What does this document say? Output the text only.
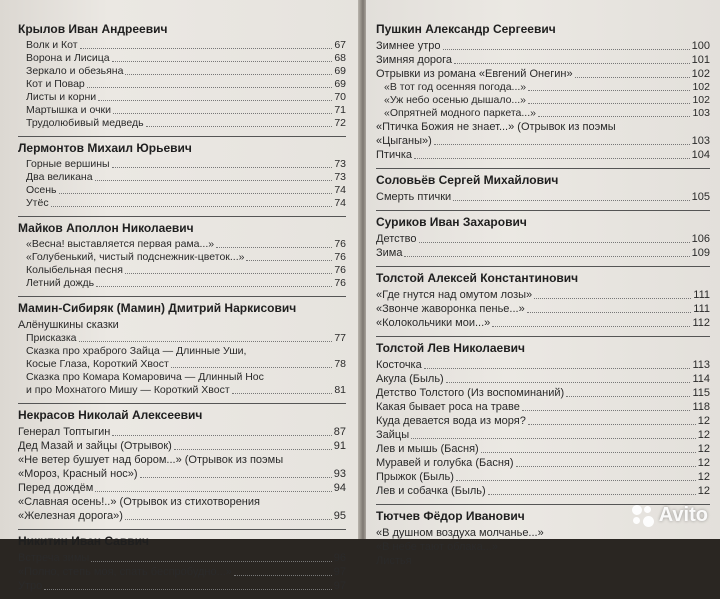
Крылов Иван Андреевич
Волк и Кот	67
Ворона и Лисица	68
Зеркало и обезьяна	69
Кот и Повар	69
Листы и корни	70
Мартышка и очки	71
Трудолюбивый медведь	72
Лермонтов Михаил Юрьевич
Горные вершины	73
Два великана	73
Осень	74
Утёс	74
Майков Аполлон Николаевич
«Весна! выставляется первая рама...»	76
«Голубенький, чистый подснежник-цветок...»	76
Колыбельная песня	76
Летний дождь	76
Мамин-Сибиряк (Мамин) Дмитрий Наркисович
Алёнушкины сказки
Присказка	77
Сказка про храброго Зайца — Длинные Уши,
Косые Глаза, Короткий Хвост	78
Сказка про Комара Комаровича — Длинный Нос
и про Мохнатого Мишу — Короткий Хвост	81
Некрасов Николай Алексеевич
Генерал Топтыгин	87
Дед Мазай и зайцы (Отрывок)	91
«Не ветер бушует над бором...» (Отрывок из поэмы
«Мороз, Красный нос»)	93
Перед дождём	94
«Славная осень!..» (Отрывок из стихотворения
«Железная дорога»)	95
Никитин Иван Саввич
Встреча зимы	96
«Полно, степь моя, спать беспробудно...»	97
Утро	97
Пушкин Александр Сергеевич
Зимнее утро	100
Зимняя дорога	101
Отрывки из романа «Евгений Онегин»	102
«В тот год осенняя погода...»	102
«Уж небо осенью дышало...»	102
«Опрятней модного паркета...»	103
«Птичка Божия не знает...» (Отрывок из поэмы
«Цыганы»)	103
Птичка	104
Соловьёв Сергей Михайлович
Смерть птички	105
Суриков Иван Захарович
Детство	106
Зима	109
Толстой Алексей Константинович
«Где гнутся над омутом лозы»	111
«Звонче жаворонка пенье...»	111
«Колокольчики мои...»	112
Толстой Лев Николаевич
Косточка	113
Акула (Быль)	114
Детство Толстого (Из воспоминаний)	115
Какая бывает роса на траве	118
Куда девается вода из моря?	12
Зайцы	12
Лев и мышь (Басня)	12
Муравей и голубка (Басня)	12
Прыжок (Быль)	12
Лев и собачка (Быль)	12
Тютчев Фёдор Иванович
«В душном воздуха молчанье...»
«В небе тают облака...»
Листья
Avito
